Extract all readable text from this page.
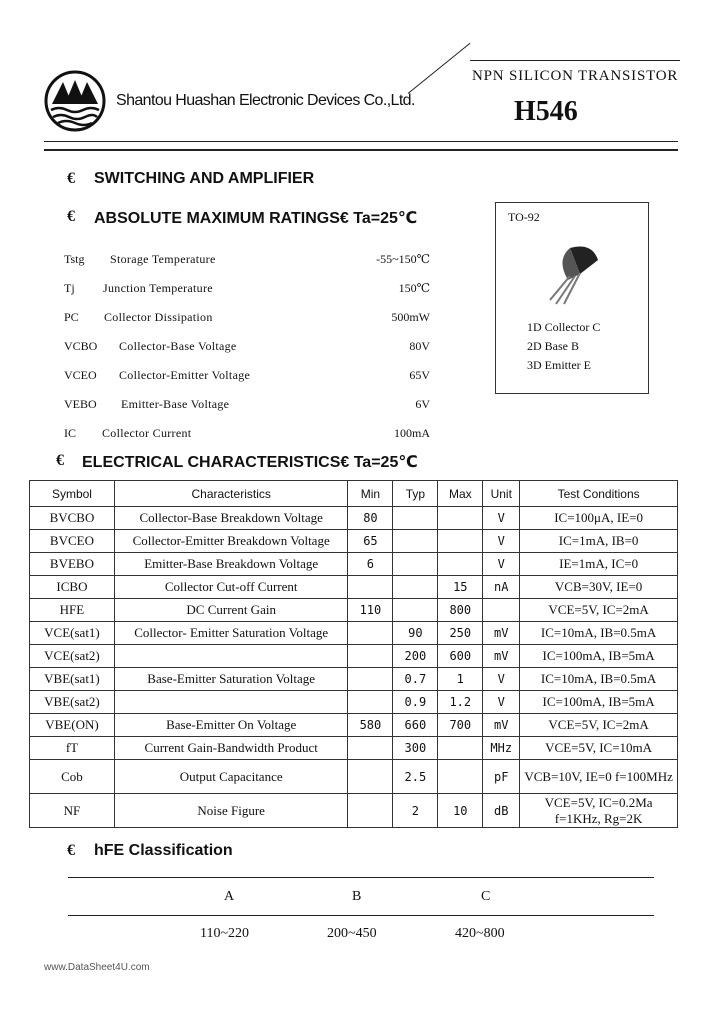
Shantou Huashan Electronic Devices Co.,Ltd.
NPN SILICON TRANSISTOR
H546
€ SWITCHING AND AMPLIFIER
€ ABSOLUTE MAXIMUM RATINGS€ Ta=25℃
Tstg Storage Temperature	-55~150℃
Tj Junction Temperature	150℃
PC Collector Dissipation	500mW
VCBO Collector-Base Voltage	80V
VCEO Collector-Emitter Voltage	65V
VEBO Emitter-Base Voltage	6V
IC Collector Current	100mA
TO-92
1D Collector C
2D Base B
3D Emitter E
€ ELECTRICAL CHARACTERISTICS€ Ta=25℃
Symbol	Characteristics	Min	Typ	Max	Unit	Test Conditions
BVCBO	Collector-Base Breakdown Voltage	80			V	IC=100μA, IE=0
BVCEO	Collector-Emitter Breakdown Voltage	65			V	IC=1mA, IB=0
BVEBO	Emitter-Base Breakdown Voltage	6			V	IE=1mA, IC=0
ICBO	Collector Cut-off Current			15	nA	VCB=30V, IE=0
HFE	DC Current Gain	110		800		VCE=5V, IC=2mA
VCE(sat1)	Collector- Emitter Saturation Voltage		90	250	mV	IC=10mA, IB=0.5mA
VCE(sat2)			200	600	mV	IC=100mA, IB=5mA
VBE(sat1)	Base-Emitter Saturation Voltage		0.7	1	V	IC=10mA, IB=0.5mA
VBE(sat2)			0.9	1.2	V	IC=100mA, IB=5mA
VBE(ON)	Base-Emitter On Voltage	580	660	700	mV	VCE=5V, IC=2mA
fT	Current Gain-Bandwidth Product		300		MHz	VCE=5V, IC=10mA
Cob	Output Capacitance		2.5		pF	VCB=10V, IE=0 f=100MHz
NF	Noise Figure		2	10	dB	VCE=5V, IC=0.2Ma f=1KHz, Rg=2K
€ hFE Classification
A	B	C
110~220	200~450	420~800
www.DataSheet4U.com
